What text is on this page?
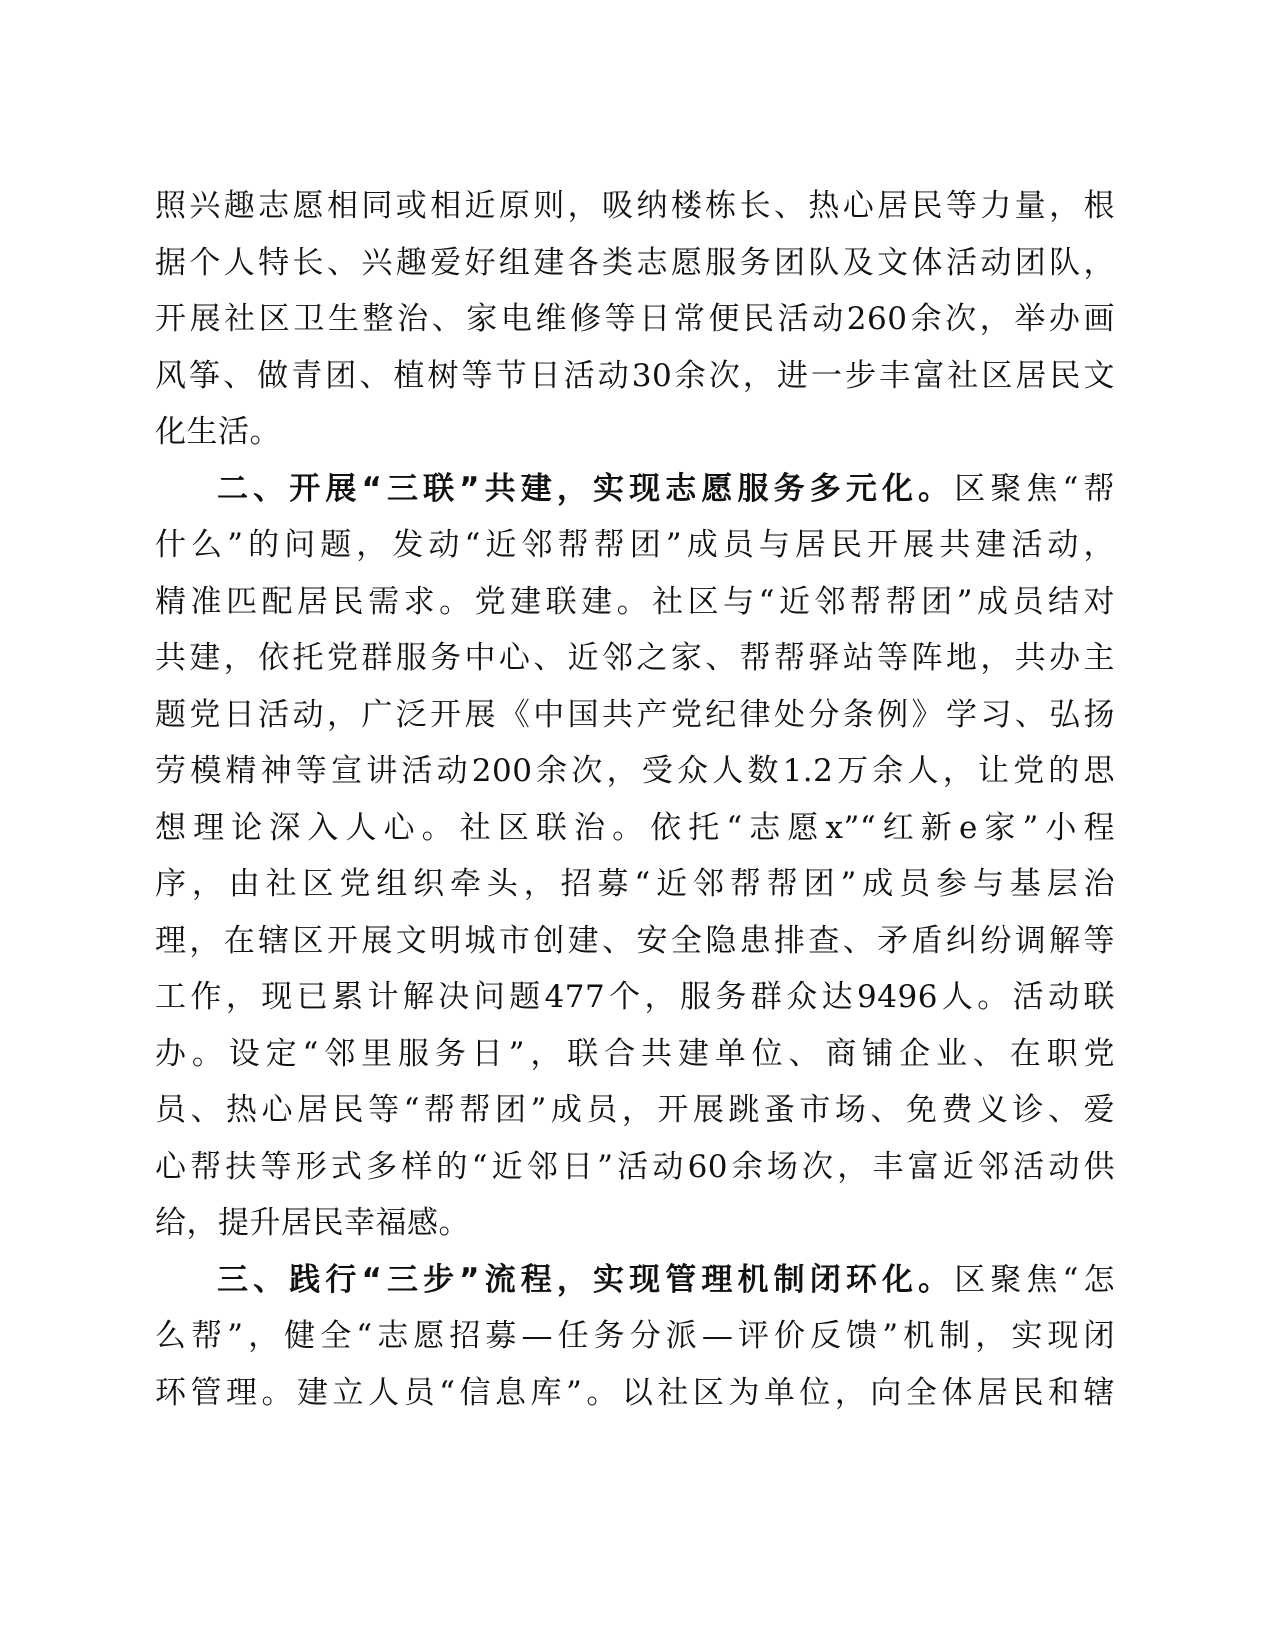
照兴趣志愿相同或相近原则，吸纳楼栋长、热心居民等力量，根
据个人特长、兴趣爱好组建各类志愿服务团队及文体活动团队，
开展社区卫生整治、家电维修等日常便民活动260余次，举办画
风筝、做青团、植树等节日活动30余次，进一步丰富社区居民文
化生活。
二、开展“三联”共建，实现志愿服务多元化。区聚焦“帮
什么”的问题，发动“近邻帮帮团”成员与居民开展共建活动，
精准匹配居民需求。党建联建。社区与“近邻帮帮团”成员结对
共建，依托党群服务中心、近邻之家、帮帮驿站等阵地，共办主
题党日活动，广泛开展《中国共产党纪律处分条例》学习、弘扬
劳模精神等宣讲活动200余次，受众人数1.2万余人，让党的思
想理论深入人心。社区联治。依托“志愿x”“红新e家”小程
序，由社区党组织牵头，招募“近邻帮帮团”成员参与基层治
理，在辖区开展文明城市创建、安全隐患排查、矛盾纠纷调解等
工作，现已累计解决问题477个，服务群众达9496人。活动联
办。设定“邻里服务日”，联合共建单位、商铺企业、在职党
员、热心居民等“帮帮团”成员，开展跳蚤市场、免费义诊、爱
心帮扶等形式多样的“近邻日”活动60余场次，丰富近邻活动供
给，提升居民幸福感。
三、践行“三步”流程，实现管理机制闭环化。区聚焦“怎
么帮”，健全“志愿招募—任务分派—评价反馈”机制，实现闭
环管理。建立人员“信息库”。以社区为单位，向全体居民和辖
